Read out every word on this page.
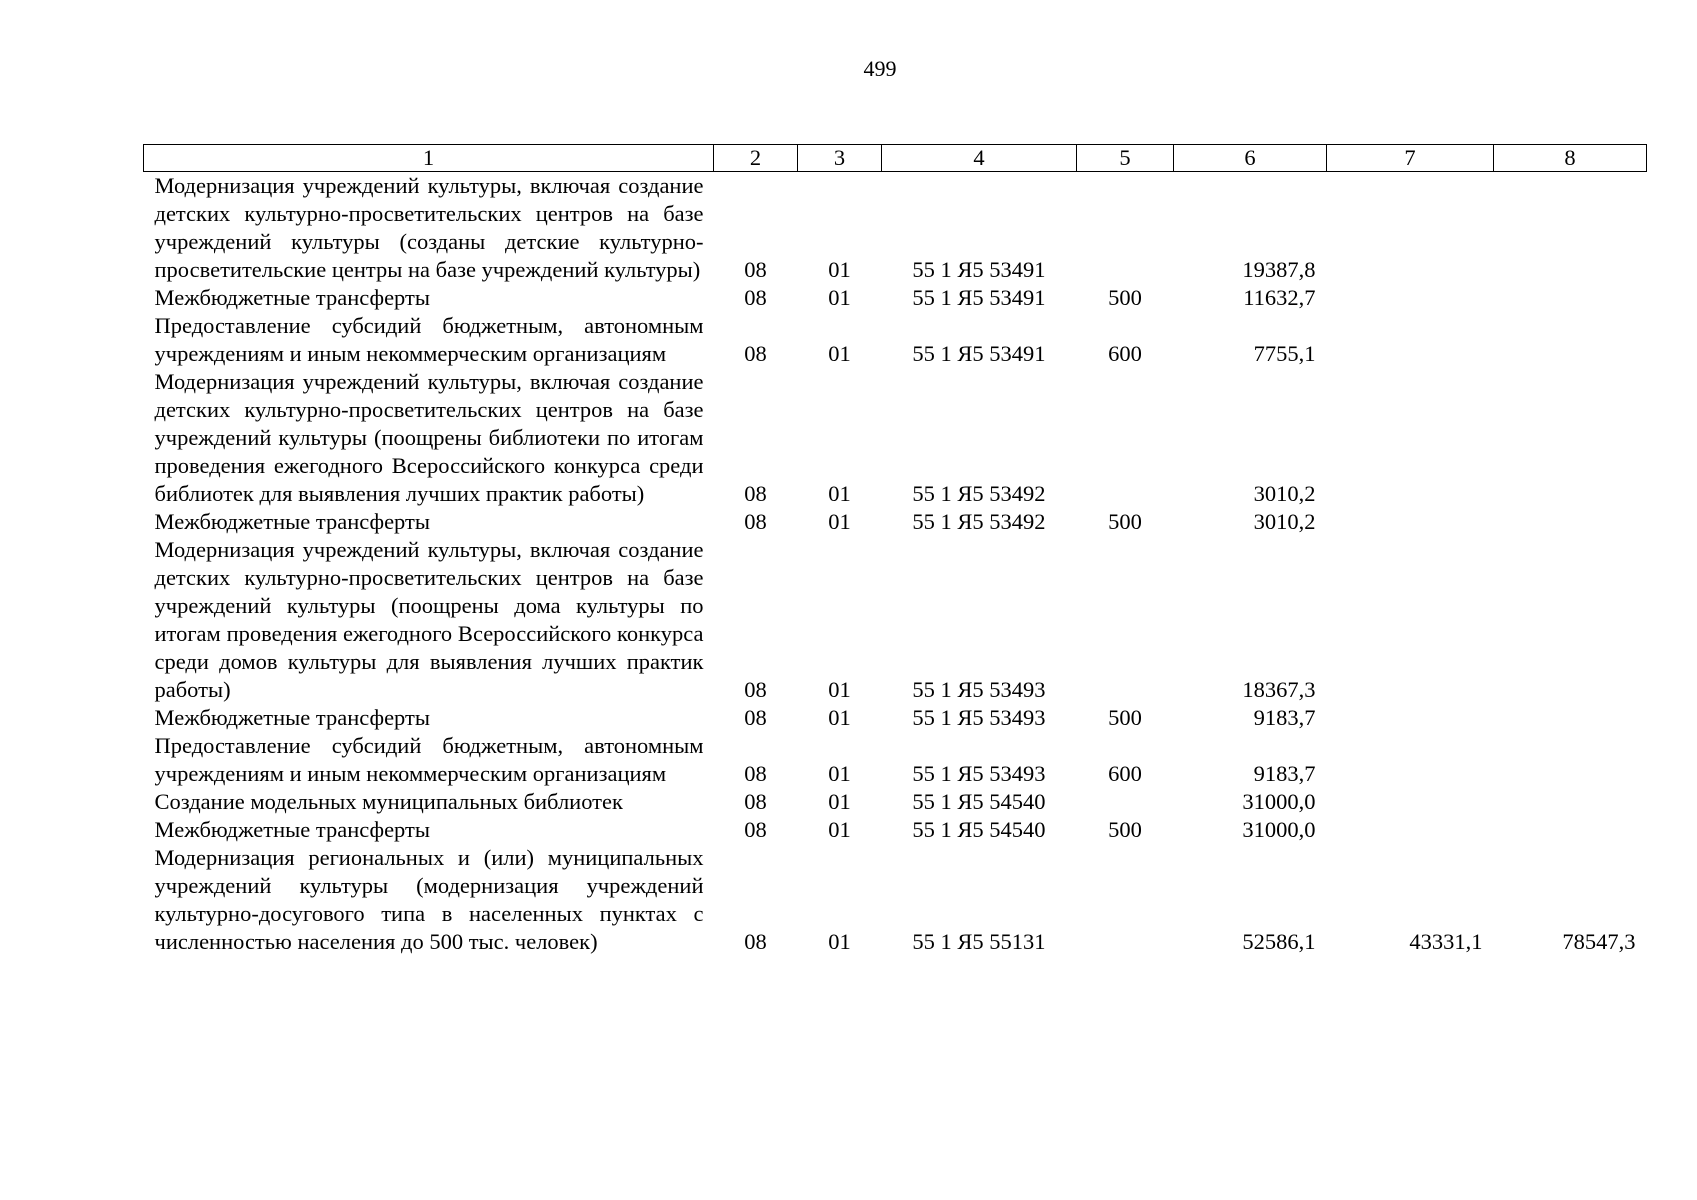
499
1	2	3	4	5	6	7	8
Модернизация учреждений культуры, включая создание детских культурно-просветительских центров на базе учреждений культуры (созданы детские культурно-просветительские центры на базе учреждений культуры)	08	01	55 1 Я5 53491		19387,8		
Межбюджетные трансферты	08	01	55 1 Я5 53491	500	11632,7		
Предоставление субсидий бюджетным, автономным учреждениям и иным некоммерческим организациям	08	01	55 1 Я5 53491	600	7755,1		
Модернизация учреждений культуры, включая создание детских культурно-просветительских центров на базе учреждений культуры (поощрены библиотеки по итогам проведения ежегодного Всероссийского конкурса среди библиотек для выявления лучших практик работы)	08	01	55 1 Я5 53492		3010,2		
Межбюджетные трансферты	08	01	55 1 Я5 53492	500	3010,2		
Модернизация учреждений культуры, включая создание детских культурно-просветительских центров на базе учреждений культуры (поощрены дома культуры по итогам проведения ежегодного Всероссийского конкурса среди домов культуры для выявления лучших практик работы)	08	01	55 1 Я5 53493		18367,3		
Межбюджетные трансферты	08	01	55 1 Я5 53493	500	9183,7		
Предоставление субсидий бюджетным, автономным учреждениям и иным некоммерческим организациям	08	01	55 1 Я5 53493	600	9183,7		
Создание модельных муниципальных библиотек	08	01	55 1 Я5 54540		31000,0		
Межбюджетные трансферты	08	01	55 1 Я5 54540	500	31000,0		
Модернизация региональных и (или) муниципальных учреждений культуры (модернизация учреждений культурно-досугового типа в населенных пунктах с численностью населения до 500 тыс. человек)	08	01	55 1 Я5 55131		52586,1	43331,1	78547,3
